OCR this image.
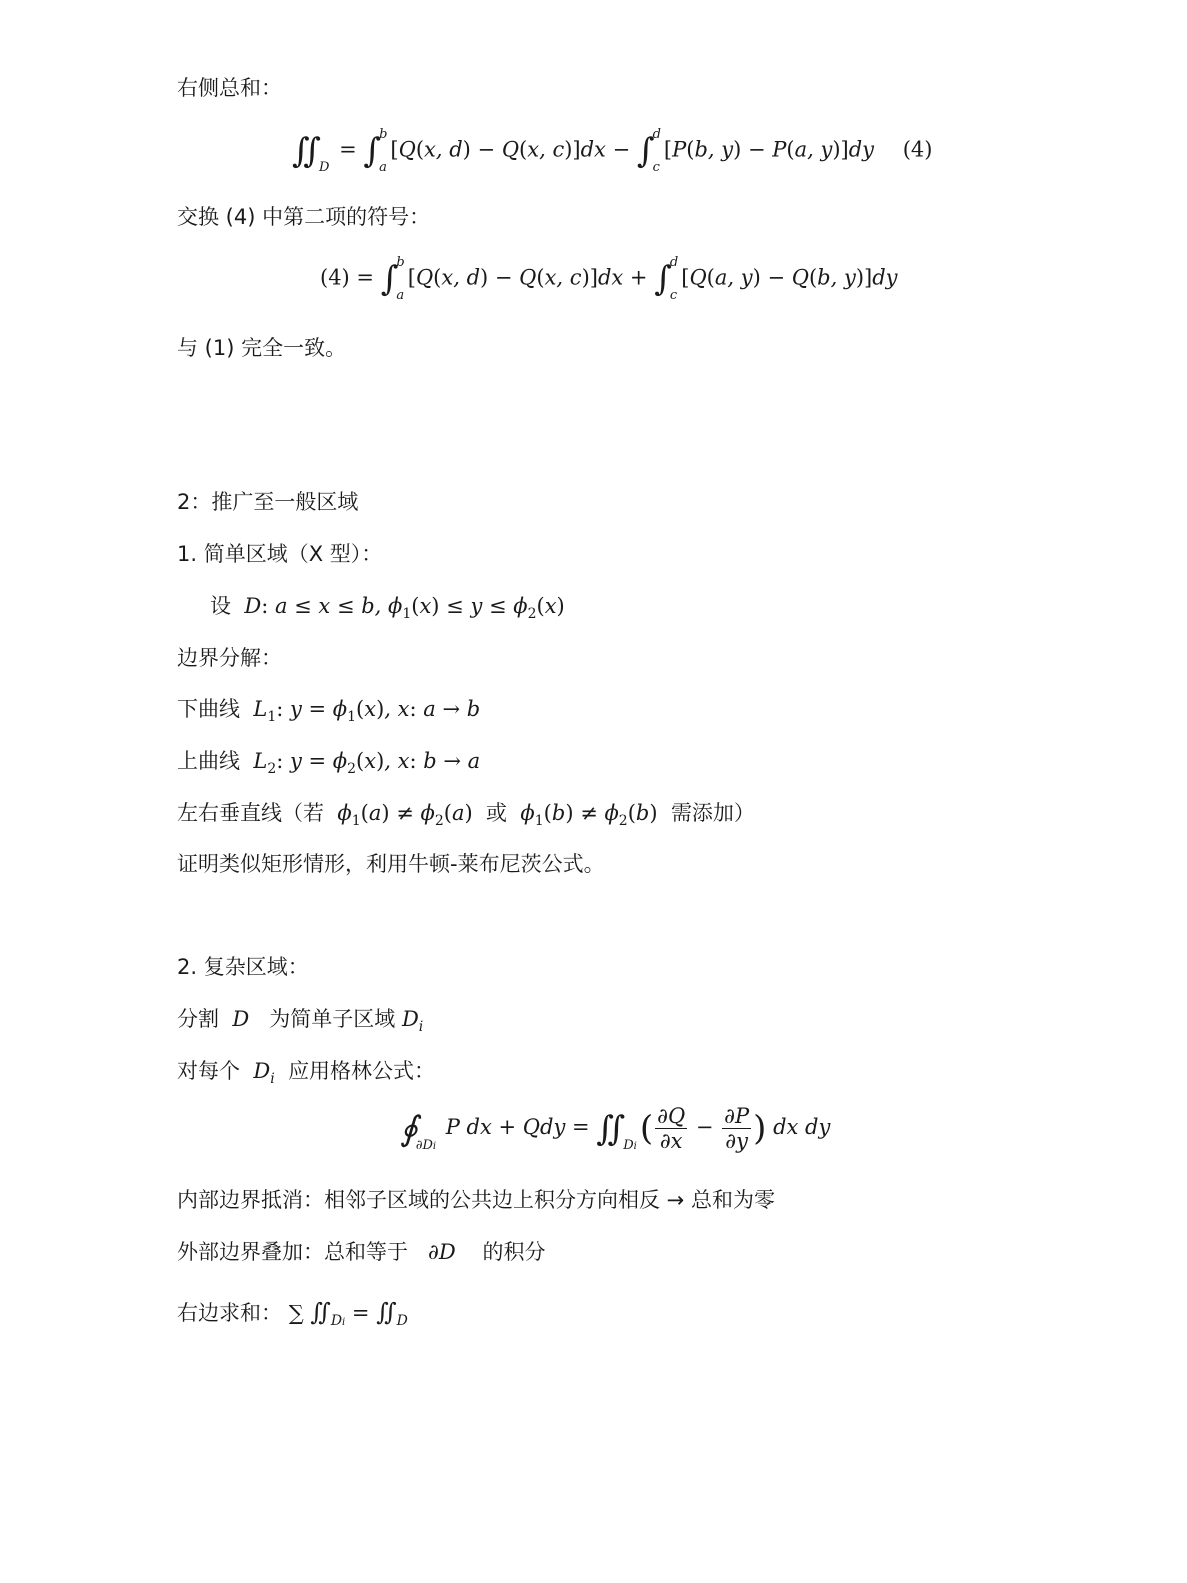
右侧总和：
∬

D
= ∫
b
a
[Q(x, d) − Q(x, c)]dx − ∫
d
c
[P(b, y) − P(a, y)]dy (4)
交换 (4) 中第二项的符号：
(4) = ∫
b
a
[Q(x, d) − Q(x, c)]dx + ∫
d
c
[Q(a, y) − Q(b, y)]dy
与 (1) 完全一致。
2：推广至一般区域
1. 简单区域（X 型）：
设  D: a ≤ x ≤ b, $\phi_1(x) \le y \le \phi_2(x)$
边界分解：
下曲线  $L_1$: $y = \phi_1(x)$, x: a → b
上曲线  $L_2$: $y = \phi_2(x)$, x: b → a
左右垂直线（若  $\phi_1(a) \ne \phi_2(a)$ 或  $\phi_1(b) \ne \phi_2(b)$ 需添加）
证明类似矩形情形，利用牛顿-莱布尼茨公式。
2. 复杂区域：
分割  D   为简单子区域 $D_i$
对每个  $D_i$ 应用格林公式：
∮

∂Di
P dx + Qdy = ∬

Di ( $\frac{\partial Q}{\partial x} - \frac{\partial P}{\partial y}$ ) dx dy
内部边界抵消：相邻子区域的公共边上积分方向相反 → 总和为零
外部边界叠加：总和等于   ∂D    的积分
右边求和： ∑ $∬_{Di}$ = $∬_D$
